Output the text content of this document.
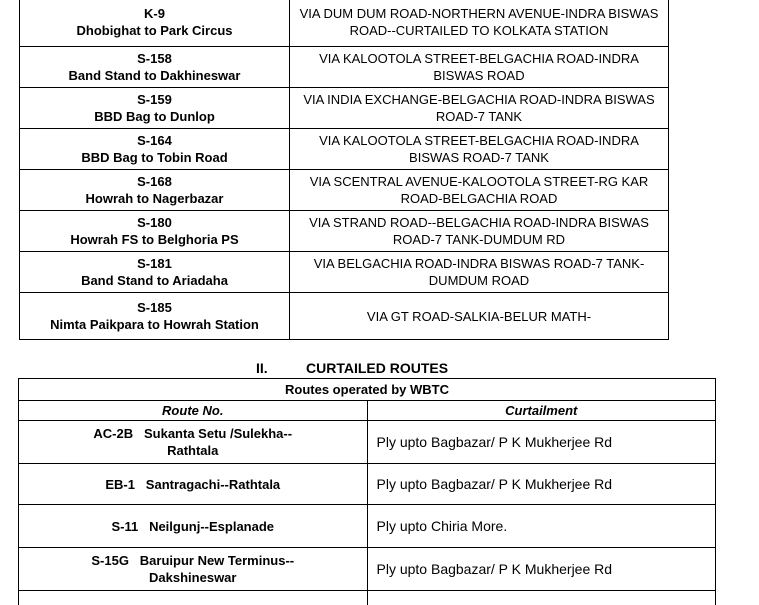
K-9
Dhobighat to Park Circus	VIA DUM DUM ROAD-NORTHERN AVENUE-INDRA BISWAS ROAD--CURTAILED TO KOLKATA STATION

S-158
Band Stand to Dakhineswar	VIA KALOOTOLA STREET-BELGACHIA ROAD-INDRA BISWAS ROAD

S-159
BBD Bag to Dunlop	VIA INDIA EXCHANGE-BELGACHIA ROAD-INDRA BISWAS ROAD-7 TANK

S-164
BBD Bag to Tobin Road	VIA KALOOTOLA STREET-BELGACHIA ROAD-INDRA BISWAS ROAD-7 TANK

S-168
Howrah to Nagerbazar	VIA SCENTRAL AVENUE-KALOOTOLA STREET-RG KAR ROAD-BELGACHIA ROAD

S-180
Howrah FS to Belghoria PS	VIA STRAND ROAD--BELGACHIA ROAD-INDRA BISWAS ROAD-7 TANK-DUMDUM RD

S-181
Band Stand to Ariadaha	VIA BELGACHIA ROAD-INDRA BISWAS ROAD-7 TANK-DUMDUM ROAD

S-185
Nimta Paikpara to Howrah Station	VIA GT ROAD-SALKIA-BELUR MATH-
II.	CURTAILED ROUTES
Routes operated by WBTC	
Route No.	Curtailment
AC-2B Sukanta Setu /Sulekha--
Rathtala	Ply upto Bagbazar/ P K Mukherjee Rd
EB-1 Santragachi--Rathtala	Ply upto Bagbazar/ P K Mukherjee Rd
S-11 Neilgunj--Esplanade	Ply upto Chiria More.
S-15G Baruipur New Terminus--
Dakshineswar	Ply upto Bagbazar/ P K Mukherjee Rd
